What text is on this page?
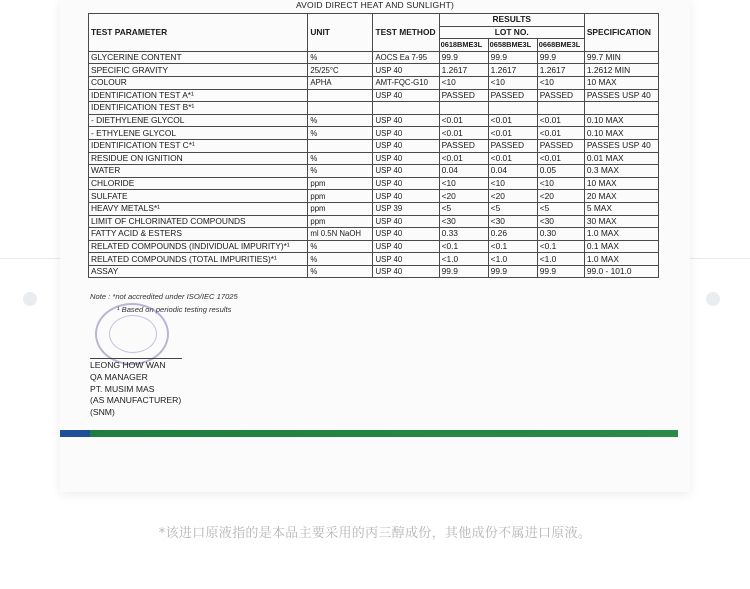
AVOID DIRECT HEAT AND SUNLIGHT)
TEST PARAMETER	UNIT	TEST METHOD	RESULTS			SPECIFICATION
			LOT NO.			
			0618BME3L	0658BME3L	0668BME3L	
GLYCERINE CONTENT	%	AOCS Ea 7-95	99.9	99.9	99.9	99.7 MIN
SPECIFIC GRAVITY	25/25°C	USP 40	1.2617	1.2617	1.2617	1.2612 MIN
COLOUR	APHA	AMT-FQC-G10	<10	<10	<10	10 MAX
IDENTIFICATION TEST A*¹		USP 40	PASSED	PASSED	PASSED	PASSES USP 40
IDENTIFICATION TEST B*¹						
- DIETHYLENE GLYCOL	%	USP 40	<0.01	<0.01	<0.01	0.10 MAX
- ETHYLENE GLYCOL	%	USP 40	<0.01	<0.01	<0.01	0.10 MAX
IDENTIFICATION TEST C*¹		USP 40	PASSED	PASSED	PASSED	PASSES USP 40
RESIDUE ON IGNITION	%	USP 40	<0.01	<0.01	<0.01	0.01 MAX
WATER	%	USP 40	0.04	0.04	0.05	0.3 MAX
CHLORIDE	ppm	USP 40	<10	<10	<10	10 MAX
SULFATE	ppm	USP 40	<20	<20	<20	20 MAX
HEAVY METALS*¹	ppm	USP 39	<5	<5	<5	5 MAX
LIMIT OF CHLORINATED COMPOUNDS	ppm	USP 40	<30	<30	<30	30 MAX
FATTY ACID & ESTERS	ml 0.5N NaOH	USP 40	0.33	0.26	0.30	1.0 MAX
RELATED COMPOUNDS (INDIVIDUAL IMPURITY)*¹	%	USP 40	<0.1	<0.1	<0.1	0.1 MAX
RELATED COMPOUNDS (TOTAL IMPURITIES)*¹	%	USP 40	<1.0	<1.0	<1.0	1.0 MAX
ASSAY	%	USP 40	99.9	99.9	99.9	99.0 - 101.0
Note : *not accredited under ISO/IEC 17025
¹ Based on periodic testing results
LEONG HOW WAN
QA MANAGER
PT. MUSIM MAS
(AS MANUFACTURER)
(SNM)
*该进口原液指的是本品主要采用的丙三醇成份，其他成份不属进口原液。
